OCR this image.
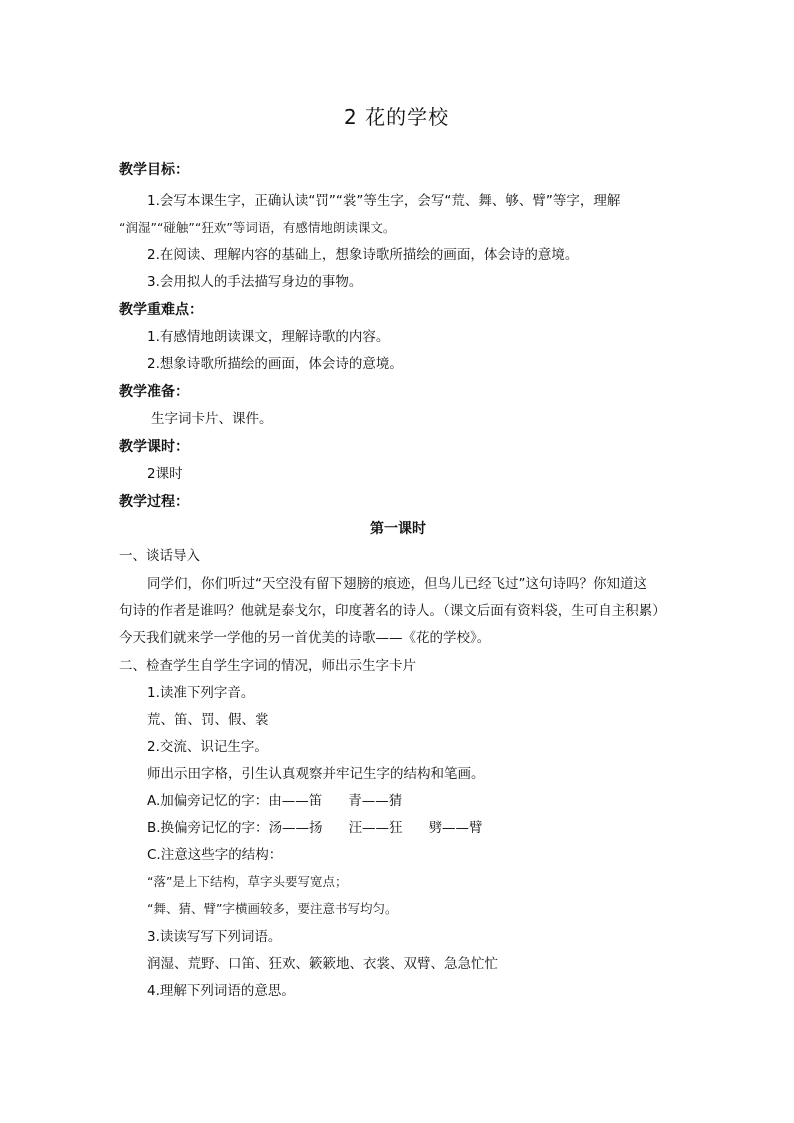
2 花的学校
教学目标：
1.会写本课生字，正确认读“罚”“裳”等生字，会写“荒、舞、够、臂”等字，理解
“润湿”“碰触”“狂欢”等词语，有感情地朗读课文。
2.在阅读、理解内容的基础上，想象诗歌所描绘的画面，体会诗的意境。
3.会用拟人的手法描写身边的事物。
教学重难点：
1.有感情地朗读课文，理解诗歌的内容。
2.想象诗歌所描绘的画面，体会诗的意境。
教学准备：
生字词卡片、课件。
教学课时：
2课时
教学过程：
第一课时
一、谈话导入
同学们，你们听过“天空没有留下翅膀的痕迹，但鸟儿已经飞过”这句诗吗？你知道这
句诗的作者是谁吗？他就是泰戈尔，印度著名的诗人。（课文后面有资料袋，生可自主积累）
今天我们就来学一学他的另一首优美的诗歌——《花的学校》。
二、检查学生自学生字词的情况，师出示生字卡片
1.读准下列字音。
荒、笛、罚、假、裳
2.交流、识记生字。
师出示田字格，引生认真观察并牢记生字的结构和笔画。
A.加偏旁记忆的字：由——笛 青——猜
B.换偏旁记忆的字：汤——扬 汪——狂 劈——臂
C.注意这些字的结构：
“落”是上下结构，草字头要写宽点；
“舞、猜、臂”字横画较多，要注意书写均匀。
3.读读写写下列词语。
润湿、荒野、口笛、狂欢、簌簌地、衣裳、双臂、急急忙忙
4.理解下列词语的意思。
